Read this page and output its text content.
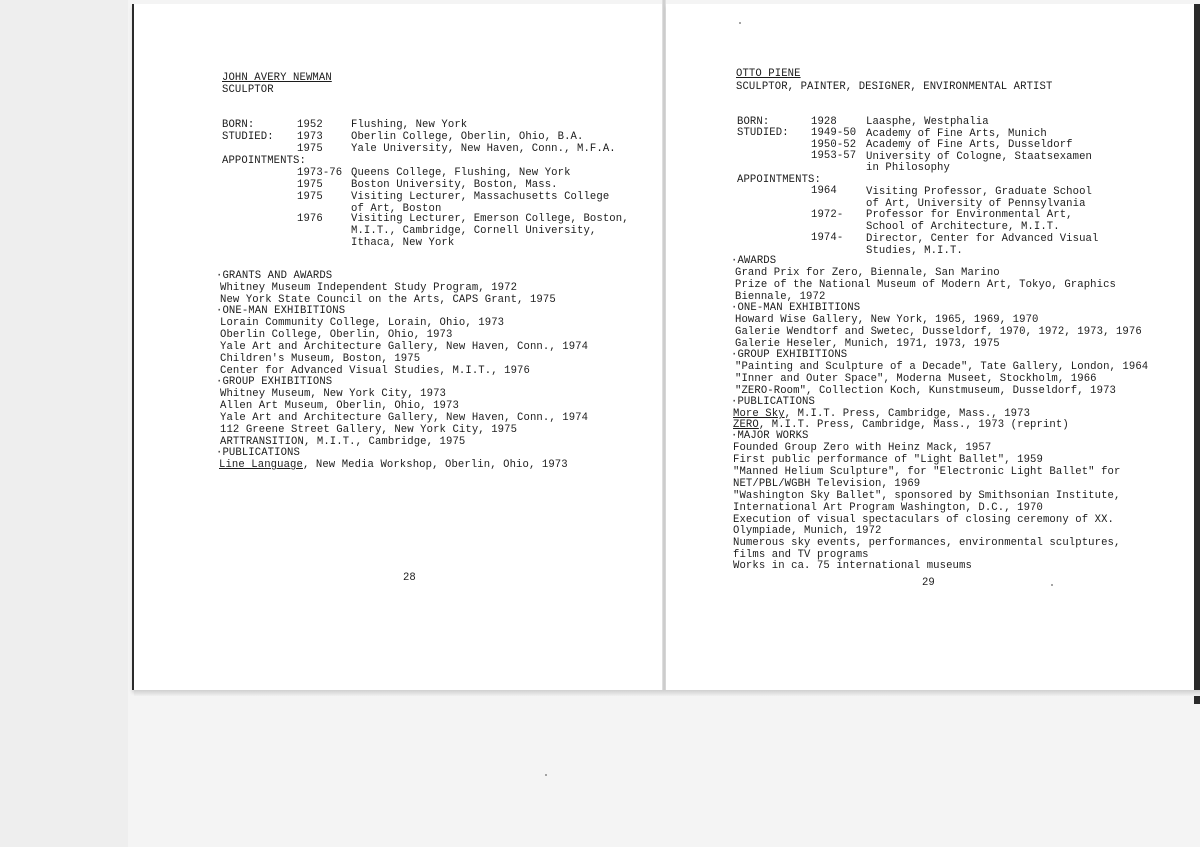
JOHN AVERY NEWMAN
SCULPTOR
BORN:	1952	Flushing, New York
STUDIED: 1973	Oberlin College, Oberlin, Ohio, B.A.
1975	Yale University, New Haven, Conn., M.F.A.
APPOINTMENTS:
1973-76 Queens College, Flushing, New York
1975	Boston University, Boston, Mass.
1975	Visiting Lecturer, Massachusetts College
of Art, Boston
1976	Visiting Lecturer, Emerson College, Boston,
M.I.T., Cambridge, Cornell University,
Ithaca, New York
·GRANTS AND AWARDS
Whitney Museum Independent Study Program, 1972
New York State Council on the Arts, CAPS Grant, 1975
·ONE-MAN EXHIBITIONS
Lorain Community College, Lorain, Ohio, 1973
Oberlin College, Oberlin, Ohio, 1973
Yale Art and Architecture Gallery, New Haven, Conn., 1974
Children's Museum, Boston, 1975
Center for Advanced Visual Studies, M.I.T., 1976
·GROUP EXHIBITIONS
Whitney Museum, New York City, 1973
Allen Art Museum, Oberlin, Ohio, 1973
Yale Art and Architecture Gallery, New Haven, Conn., 1974
112 Greene Street Gallery, New York City, 1975
ARTTRANSITION, M.I.T., Cambridge, 1975
·PUBLICATIONS
Line Language, New Media Workshop, Oberlin, Ohio, 1973
28
OTTO PIENE
SCULPTOR, PAINTER, DESIGNER, ENVIRONMENTAL ARTIST
BORN:	1928	Laasphe, Westphalia
STUDIED: 1949-50 Academy of Fine Arts, Munich
1950-52 Academy of Fine Arts, Dusseldorf
1953-57 University of Cologne, Staatsexamen
in Philosophy
APPOINTMENTS:
1964	Visiting Professor, Graduate School
of Art, University of Pennsylvania
1972- Professor for Environmental Art,
School of Architecture, M.I.T.
1974- Director, Center for Advanced Visual
Studies, M.I.T.
·AWARDS
Grand Prix for Zero, Biennale, San Marino
Prize of the National Museum of Modern Art, Tokyo, Graphics
Biennale, 1972
·ONE-MAN EXHIBITIONS
Howard Wise Gallery, New York, 1965, 1969, 1970
Galerie Wendtorf and Swetec, Dusseldorf, 1970, 1972, 1973, 1976
Galerie Heseler, Munich, 1971, 1973, 1975
·GROUP EXHIBITIONS
"Painting and Sculpture of a Decade", Tate Gallery, London, 1964
"Inner and Outer Space", Moderna Museet, Stockholm, 1966
"ZERO-Room", Collection Koch, Kunstmuseum, Dusseldorf, 1973
·PUBLICATIONS
More Sky, M.I.T. Press, Cambridge, Mass., 1973
ZERO, M.I.T. Press, Cambridge, Mass., 1973 (reprint)
·MAJOR WORKS
Founded Group Zero with Heinz Mack, 1957
First public performance of "Light Ballet", 1959
"Manned Helium Sculpture", for "Electronic Light Ballet" for
NET/PBL/WGBH Television, 1969
"Washington Sky Ballet", sponsored by Smithsonian Institute,
International Art Program Washington, D.C., 1970
Execution of visual spectaculars of closing ceremony of XX.
Olympiade, Munich, 1972
Numerous sky events, performances, environmental sculptures,
films and TV programs
Works in ca. 75 international museums
29
